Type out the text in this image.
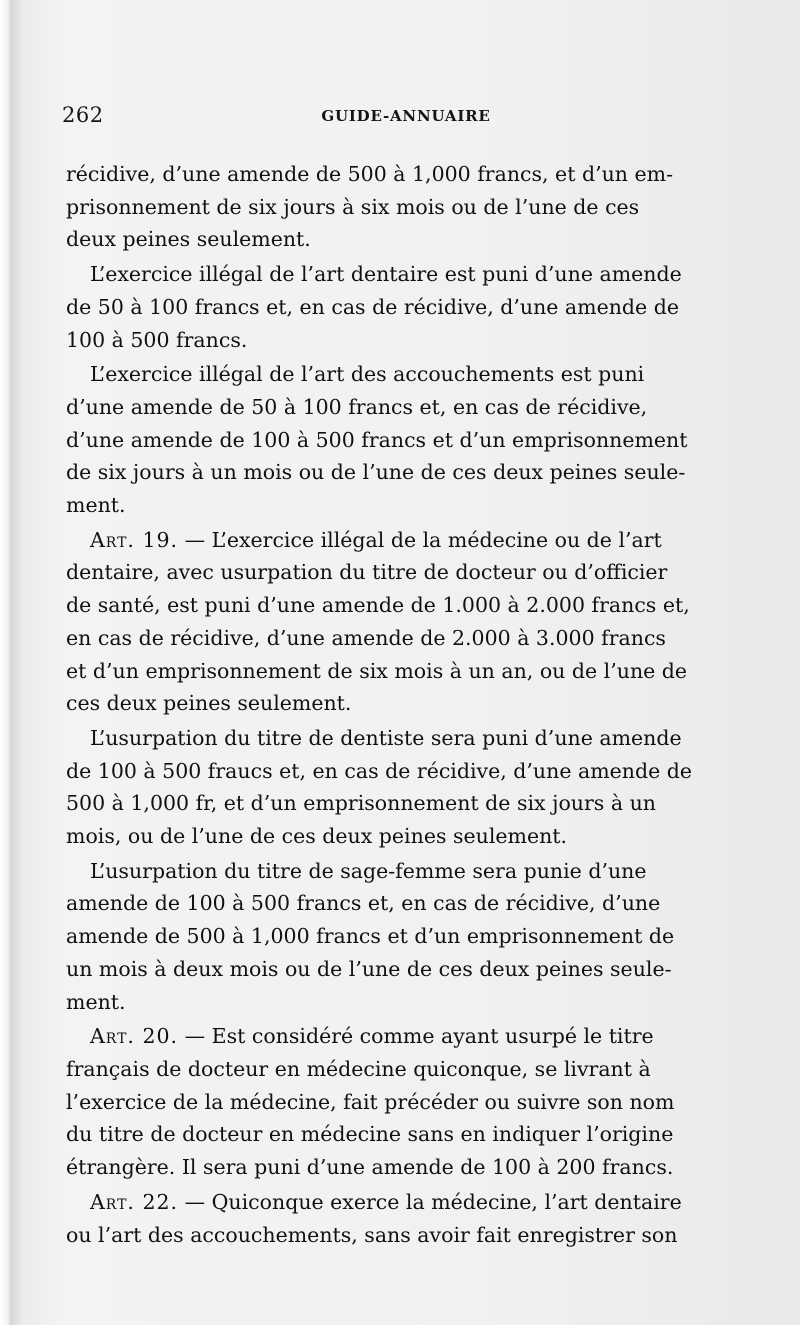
262	GUIDE-ANNUAIRE

récidive, d’une amende de 500 à 1,000 francs, et d’un em-

prisonnement de six jours à six mois ou de l’une de ces

deux peines seulement.

L’exercice illégal de l’art dentaire est puni d’une amende

de 50 à 100 francs et, en cas de récidive, d’une amende de

100 à 500 francs.

L’exercice illégal de l’art des accouchements est puni

d’une amende de 50 à 100 francs et, en cas de récidive,

d’une amende de 100 à 500 francs et d’un emprisonnement

de six jours à un mois ou de l’une de ces deux peines seule-

ment.

Art. 19. — L’exercice illégal de la médecine ou de l’art

dentaire, avec usurpation du titre de docteur ou d’officier

de santé, est puni d’une amende de 1.000 à 2.000 francs et,

en cas de récidive, d’une amende de 2.000 à 3.000 francs

et d’un emprisonnement de six mois à un an, ou de l’une de

ces deux peines seulement.

L’usurpation du titre de dentiste sera puni d’une amende

de 100 à 500 fraucs et, en cas de récidive, d’une amende de

500 à 1,000 fr, et d’un emprisonnement de six jours à un

mois, ou de l’une de ces deux peines seulement.

L’usurpation du titre de sage-femme sera punie d’une

amende de 100 à 500 francs et, en cas de récidive, d’une

amende de 500 à 1,000 francs et d’un emprisonnement de

un mois à deux mois ou de l’une de ces deux peines seule-

ment.

Art. 20. — Est considéré comme ayant usurpé le titre

français de docteur en médecine quiconque, se livrant à

l’exercice de la médecine, fait précéder ou suivre son nom

du titre de docteur en médecine sans en indiquer l’origine

étrangère. Il sera puni d’une amende de 100 à 200 francs.

Art. 22. — Quiconque exerce la médecine, l’art dentaire

ou l’art des accouchements, sans avoir fait enregistrer son
